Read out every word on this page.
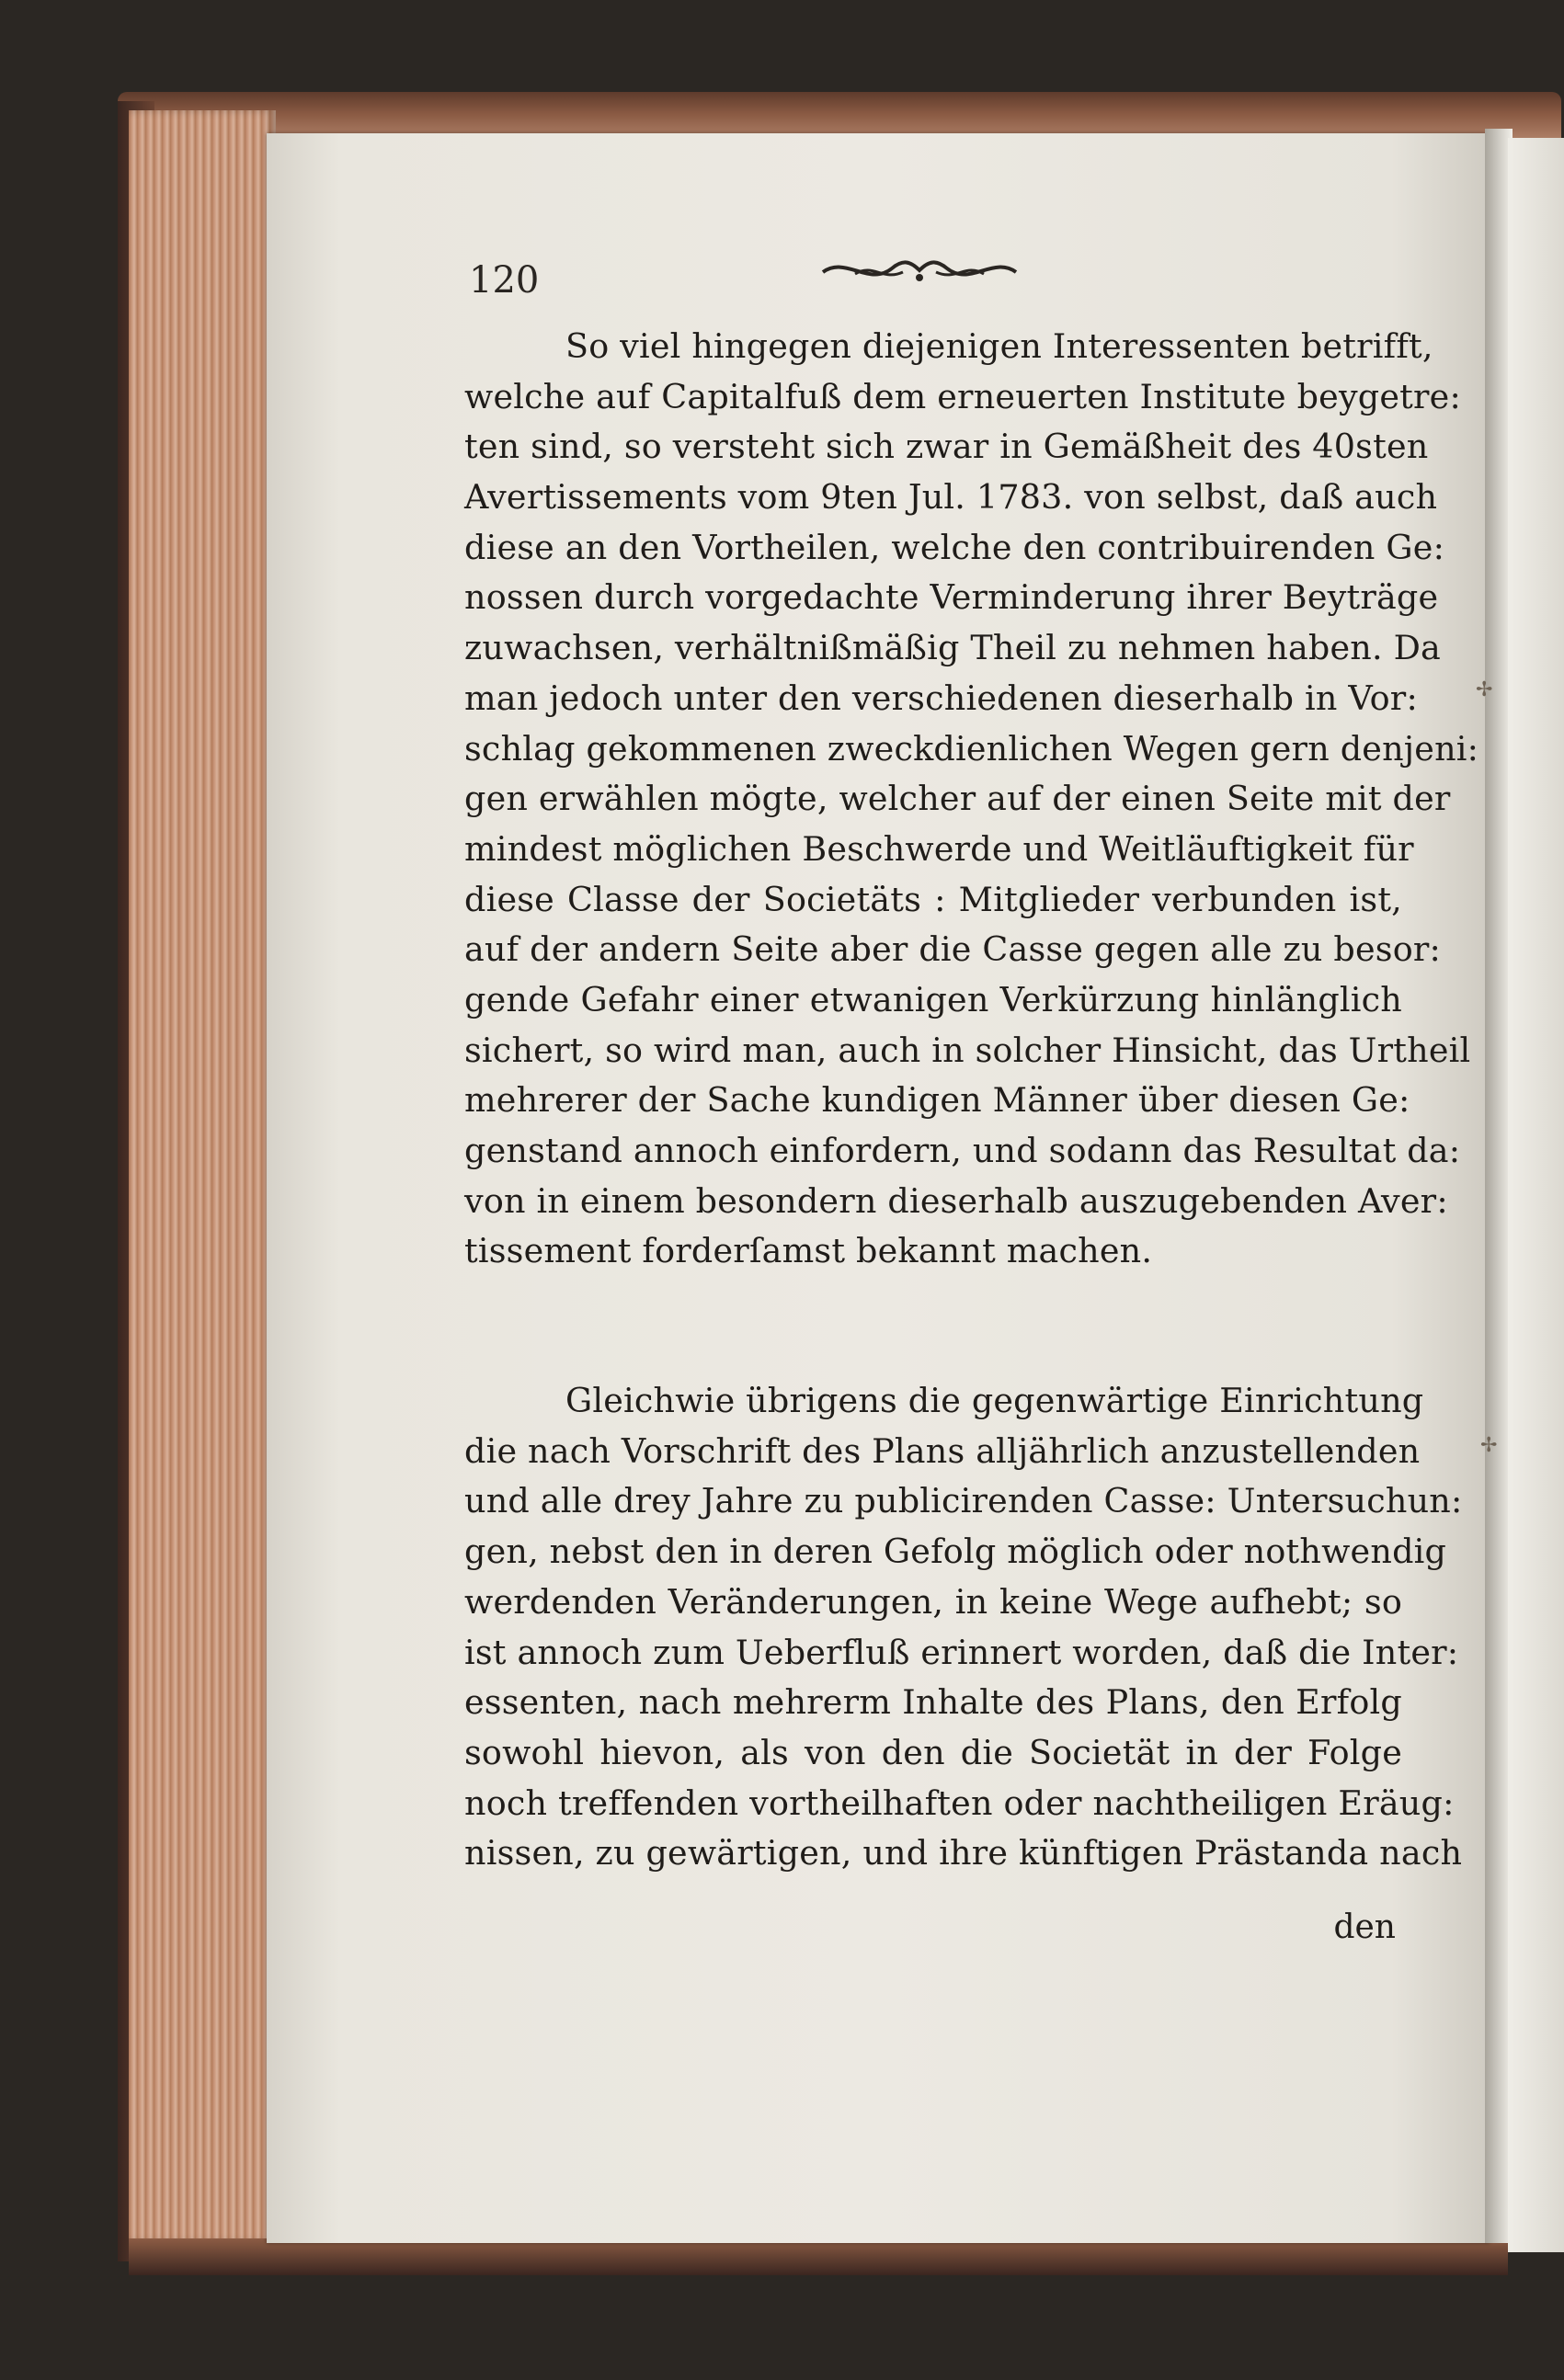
120
So viel hingegen diejenigen Interessenten betrifft,
welche auf Capitalfuß dem erneuerten Institute beygetre:
ten sind, so versteht sich zwar in Gemäßheit des 40sten
Avertissements vom 9ten Jul. 1783. von selbst, daß auch
diese an den Vortheilen, welche den contribuirenden Ge:
nossen durch vorgedachte Verminderung ihrer Beyträge
zuwachsen, verhältnißmäßig Theil zu nehmen haben. Da
man jedoch unter den verschiedenen dieserhalb in Vor:
schlag gekommenen zweckdienlichen Wegen gern denjeni:
gen erwählen mögte, welcher auf der einen Seite mit der
mindest möglichen Beschwerde und Weitläuftigkeit für
diese Classe der Societäts : Mitglieder verbunden ist,
auf der andern Seite aber die Casse gegen alle zu besor:
gende Gefahr einer etwanigen Verkürzung hinlänglich
sichert, so wird man, auch in solcher Hinsicht, das Urtheil
mehrerer der Sache kundigen Männer über diesen Ge:
genstand annoch einfordern, und sodann das Resultat da:
von in einem besondern dieserhalb auszugebenden Aver:
tissement forderſamst bekannt machen.
Gleichwie übrigens die gegenwärtige Einrichtung
die nach Vorschrift des Plans alljährlich anzustellenden
und alle drey Jahre zu publicirenden Casse: Untersuchun:
gen, nebst den in deren Gefolg möglich oder nothwendig
werdenden Veränderungen, in keine Wege aufhebt; so
ist annoch zum Ueberfluß erinnert worden, daß die Inter:
essenten, nach mehrerm Inhalte des Plans, den Erfolg
sowohl hievon, als von den die Societät in der Folge
noch treffenden vortheilhaften oder nachtheiligen Eräug:
nissen, zu gewärtigen, und ihre künftigen Prästanda nach
den
✢
✢
